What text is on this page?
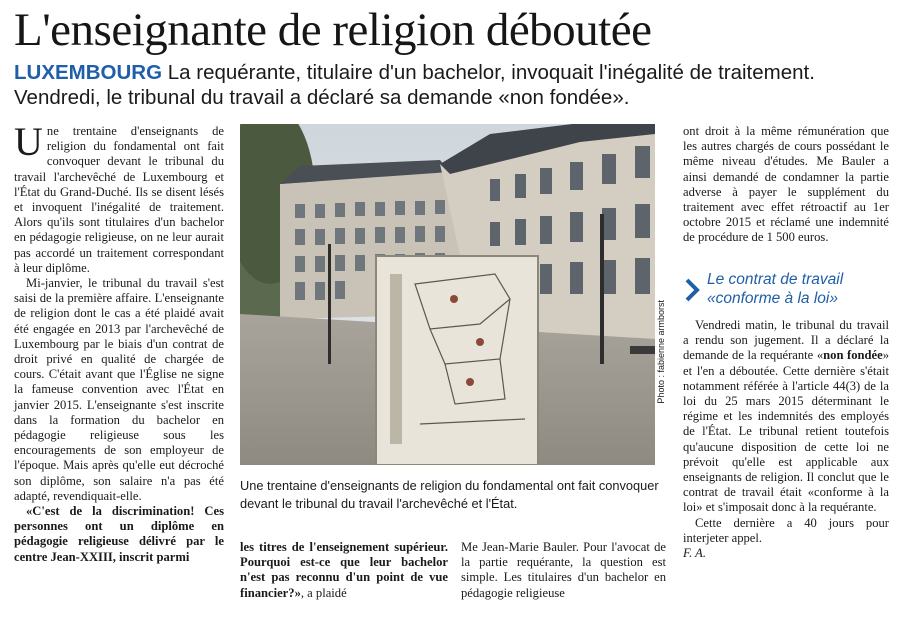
L'enseignante de religion déboutée
LUXEMBOURG La requérante, titulaire d'un bachelor, invoquait l'inégalité de traitement. Vendredi, le tribunal du travail a déclaré sa demande «non fondée».

Une trentaine d'enseignants de religion du fondamental ont fait convoquer devant le tribunal du travail l'archevêché de Luxembourg et l'État du Grand-Duché. Ils se disent lésés et invoquent l'inégalité de traitement. Alors qu'ils sont titulaires d'un bachelor en pédagogie religieuse, on ne leur aurait pas accordé un traitement correspondant à leur diplôme.

Mi-janvier, le tribunal du travail s'est saisi de la première affaire. L'enseignante de religion dont le cas a été plaidé avait été engagée en 2013 par l'archevêché de Luxembourg par le biais d'un contrat de droit privé en qualité de chargée de cours. C'était avant que l'Église ne signe la fameuse convention avec l'État en janvier 2015. L'enseignante s'est inscrite dans la formation du bachelor en pédagogie religieuse sous les encouragements de son employeur de l'époque. Mais après qu'elle eut décroché son diplôme, son salaire n'a pas été adapté, revendiquait-elle.

«C'est de la discrimination! Ces personnes ont un diplôme en pédagogie religieuse délivré par le centre Jean-XXIII, inscrit parmi

Photo : fabienne armborst
Une trentaine d'enseignants de religion du fondamental ont fait convoquer devant le tribunal du travail l'archevêché et l'État.

les titres de l'enseignement supérieur. Pourquoi est-ce que leur bachelor n'est pas reconnu d'un point de vue financier?», a plaidé

Me Jean-Marie Bauler. Pour l'avocat de la partie requérante, la question est simple. Les titulaires d'un bachelor en pédagogie religieuse

ont droit à la même rémunération que les autres chargés de cours possédant le même niveau d'études. Me Bauler a ainsi demandé de condamner la partie adverse à payer le supplément du traitement avec effet rétroactif au 1er octobre 2015 et réclamé une indemnité de procédure de 1 500 euros.

Le contrat de travail
«conforme à la loi»

Vendredi matin, le tribunal du travail a rendu son jugement. Il a déclaré la demande de la requérante «non fondée» et l'en a déboutée. Cette dernière s'était notamment référée à l'article 44(3) de la loi du 25 mars 2015 déterminant le régime et les indemnités des employés de l'État. Le tribunal retient toutefois qu'aucune disposition de cette loi ne prévoit qu'elle est applicable aux enseignants de religion. Il conclut que le contrat de travail était «conforme à la loi» et s'imposait donc à la requérante.

Cette dernière a 40 jours pour interjeter appel.

F. A.
